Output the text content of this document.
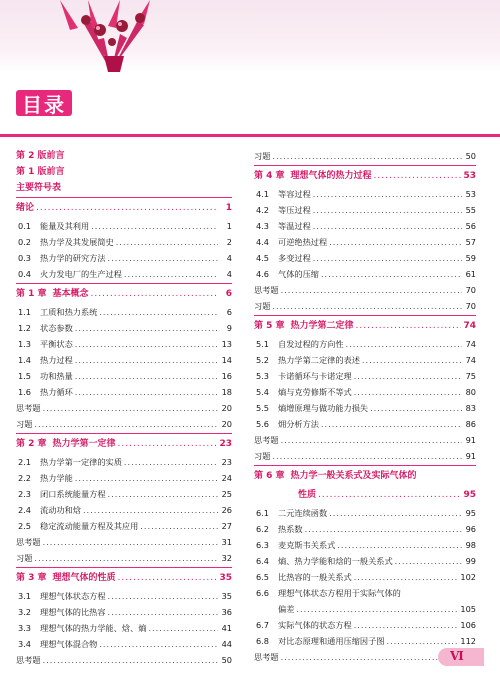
目录
第 2 版前言
第 1 版前言
主要符号表
绪论 .....	1
0.1	能量及其利用 .....	1
0.2	热力学及其发展简史 .....	2
0.3	热力学的研究方法 .....	4
0.4	火力发电厂的生产过程 .....	4
第 1 章 基本概念 .....	6
1.1	工质和热力系统 .....	6
1.2	状态参数 .....	9
1.3	平衡状态 .....	13
1.4	热力过程 .....	14
1.5	功和热量 .....	16
1.6	热力循环 .....	18
思考题 .....	20
习题 .....	20
第 2 章 热力学第一定律 .....	23
2.1	热力学第一定律的实质 .....	23
2.2	热力学能 .....	24
2.3	闭口系统能量方程 .....	25
2.4	流动功和焓 .....	26
2.5	稳定流动能量方程及其应用 .....	27
思考题 .....	31
习题 .....	32
第 3 章 理想气体的性质 .....	35
3.1	理想气体状态方程 .....	35
3.2	理想气体的比热容 .....	36
3.3	理想气体的热力学能、焓、熵 .....	41
3.4	理想气体混合物 .....	44
思考题 .....	50
习题 .....	50
第 4 章 理想气体的热力过程 .....	53
4.1	等容过程 .....	53
4.2	等压过程 .....	55
4.3	等温过程 .....	56
4.4	可逆绝热过程 .....	57
4.5	多变过程 .....	59
4.6	气体的压缩 .....	61
思考题 .....	70
习题 .....	70
第 5 章 热力学第二定律 .....	74
5.1	自发过程的方向性 .....	74
5.2	热力学第二定律的表述 .....	74
5.3	卡诺循环与卡诺定理 .....	75
5.4	熵与克劳修斯不等式 .....	80
5.5	熵增原理与做功能力损失 .....	83
5.6	㶲分析方法 .....	86
思考题 .....	91
习题 .....	91
第 6 章 热力学一般关系式及实际气体的
性质 .....	95
6.1	二元连续函数 .....	95
6.2	热系数 .....	96
6.3	麦克斯韦关系式 .....	98
6.4	熵、热力学能和焓的一般关系式 .....	99
6.5	比热容的一般关系式 .....	102
6.6	理想气体状态方程用于实际气体的
偏差 .....	105
6.7	实际气体的状态方程 .....	106
6.8	对比态原理和通用压缩因子图 .....	112
思考题 .....	Ⅵ
